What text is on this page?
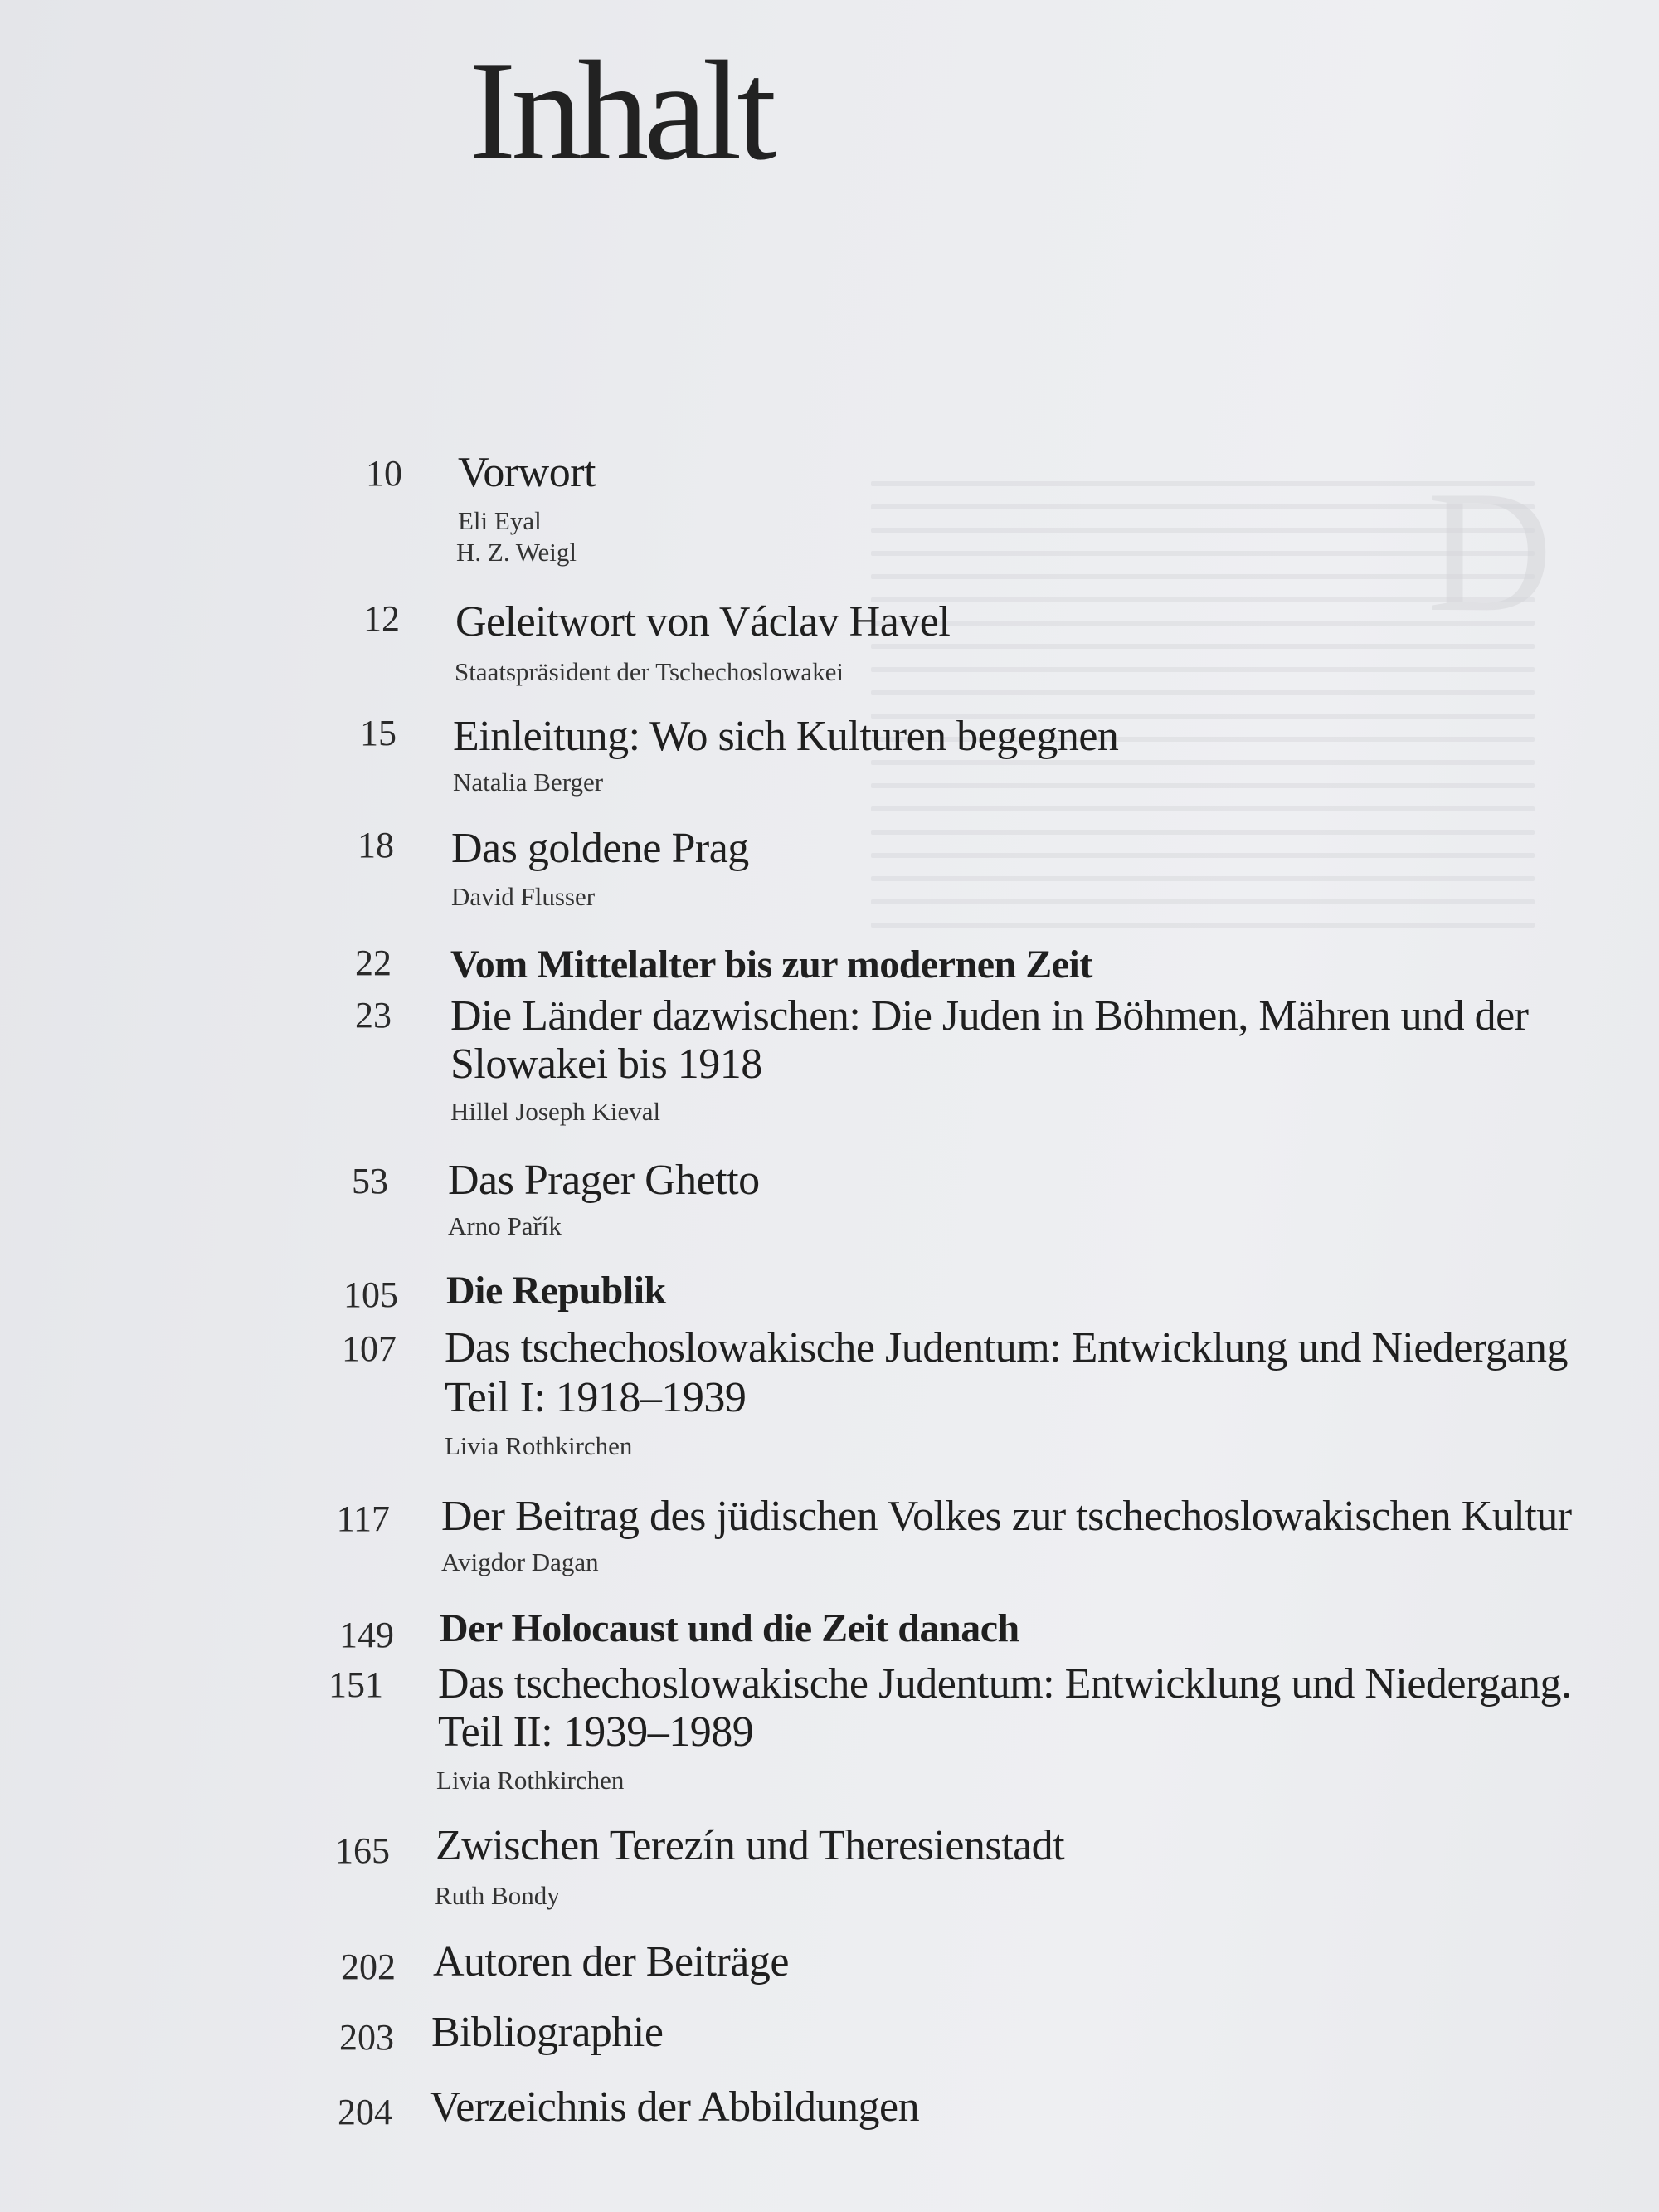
D
Inhalt
10 Vorwort
Eli Eyal
H. Z. Weigl
12 Geleitwort von Václav Havel
Staatspräsident der Tschechoslowakei
15 Einleitung: Wo sich Kulturen begegnen
Natalia Berger
18 Das goldene Prag
David Flusser
22 Vom Mittelalter bis zur modernen Zeit
23 Die Länder dazwischen: Die Juden in Böhmen, Mähren und der
Slowakei bis 1918
Hillel Joseph Kieval
53 Das Prager Ghetto
Arno Pařík
105 Die Republik
107 Das tschechoslowakische Judentum: Entwicklung und Niedergang
Teil I: 1918–1939
Livia Rothkirchen
117 Der Beitrag des jüdischen Volkes zur tschechoslowakischen Kultur
Avigdor Dagan
149 Der Holocaust und die Zeit danach
151 Das tschechoslowakische Judentum: Entwicklung und Niedergang.
Teil II: 1939–1989
Livia Rothkirchen
165 Zwischen Terezín und Theresienstadt
Ruth Bondy
202 Autoren der Beiträge
203 Bibliographie
204 Verzeichnis der Abbildungen
